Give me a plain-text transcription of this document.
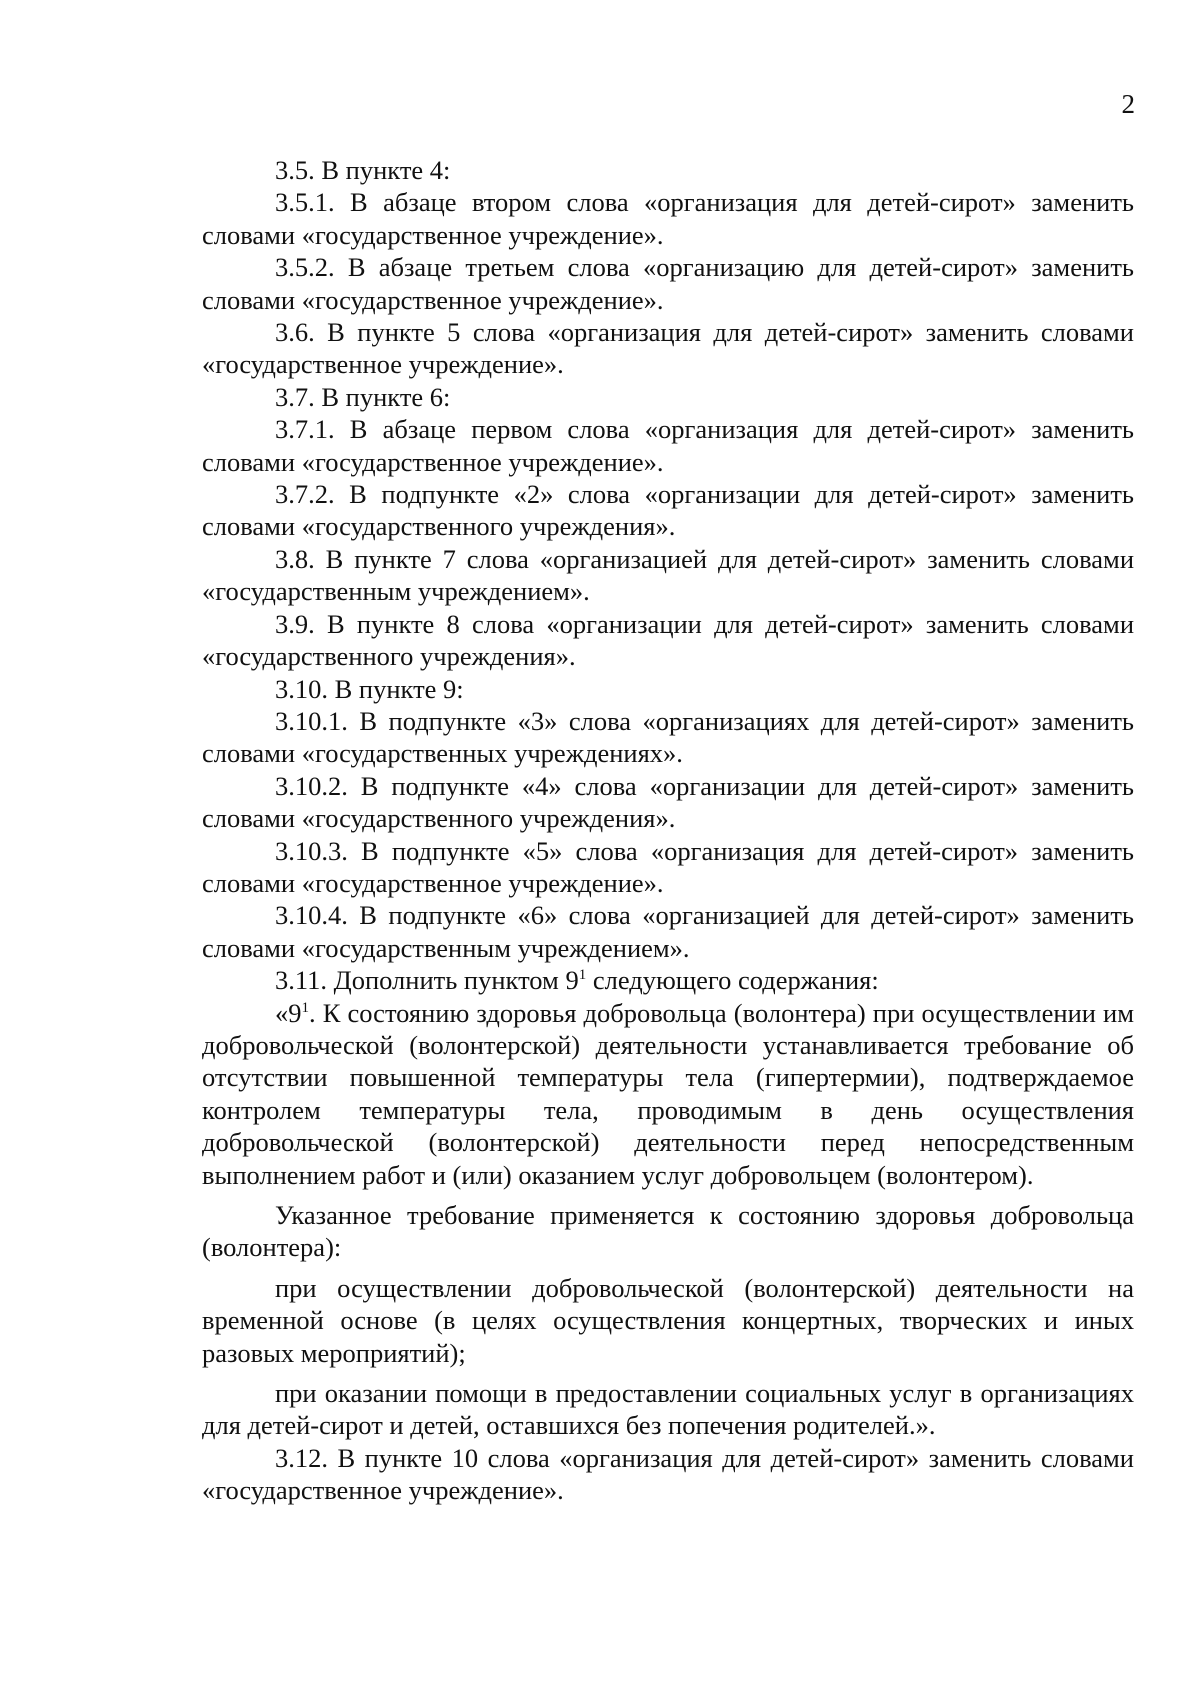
2

3.5. В пункте 4:

3.5.1. В абзаце втором слова «организация для детей-сирот» заменить словами «государственное учреждение».

3.5.2. В абзаце третьем слова «организацию для детей-сирот» заменить словами «государственное учреждение».

3.6. В пункте 5 слова «организация для детей-сирот» заменить словами «государственное учреждение».

3.7. В пункте 6:

3.7.1. В абзаце первом слова «организация для детей-сирот» заменить словами «государственное учреждение».

3.7.2. В подпункте «2» слова «организации для детей-сирот» заменить словами «государственного учреждения».

3.8. В пункте 7 слова «организацией для детей-сирот» заменить словами «государственным учреждением».

3.9. В пункте 8 слова «организации для детей-сирот» заменить словами «государственного учреждения».

3.10. В пункте 9:

3.10.1. В подпункте «3» слова «организациях для детей-сирот» заменить словами «государственных учреждениях».

3.10.2. В подпункте «4» слова «организации для детей-сирот» заменить словами «государственного учреждения».

3.10.3. В подпункте «5» слова «организация для детей-сирот» заменить словами «государственное учреждение».

3.10.4. В подпункте «6» слова «организацией для детей-сирот» заменить словами «государственным учреждением».

3.11. Дополнить пунктом $9^1$ следующего содержания:

«$9^1$. К состоянию здоровья добровольца (волонтера) при осуществлении им добровольческой (волонтерской) деятельности устанавливается требование об отсутствии повышенной температуры тела (гипертермии), подтверждаемое контролем температуры тела, проводимым в день осуществления добровольческой (волонтерской) деятельности перед непосредственным выполнением работ и (или) оказанием услуг добровольцем (волонтером).

Указанное требование применяется к состоянию здоровья добровольца (волонтера):

при осуществлении добровольческой (волонтерской) деятельности на временной основе (в целях осуществления концертных, творческих и иных разовых мероприятий);

при оказании помощи в предоставлении социальных услуг в организациях для детей-сирот и детей, оставшихся без попечения родителей.».

3.12. В пункте 10 слова «организация для детей-сирот» заменить словами «государственное учреждение».
